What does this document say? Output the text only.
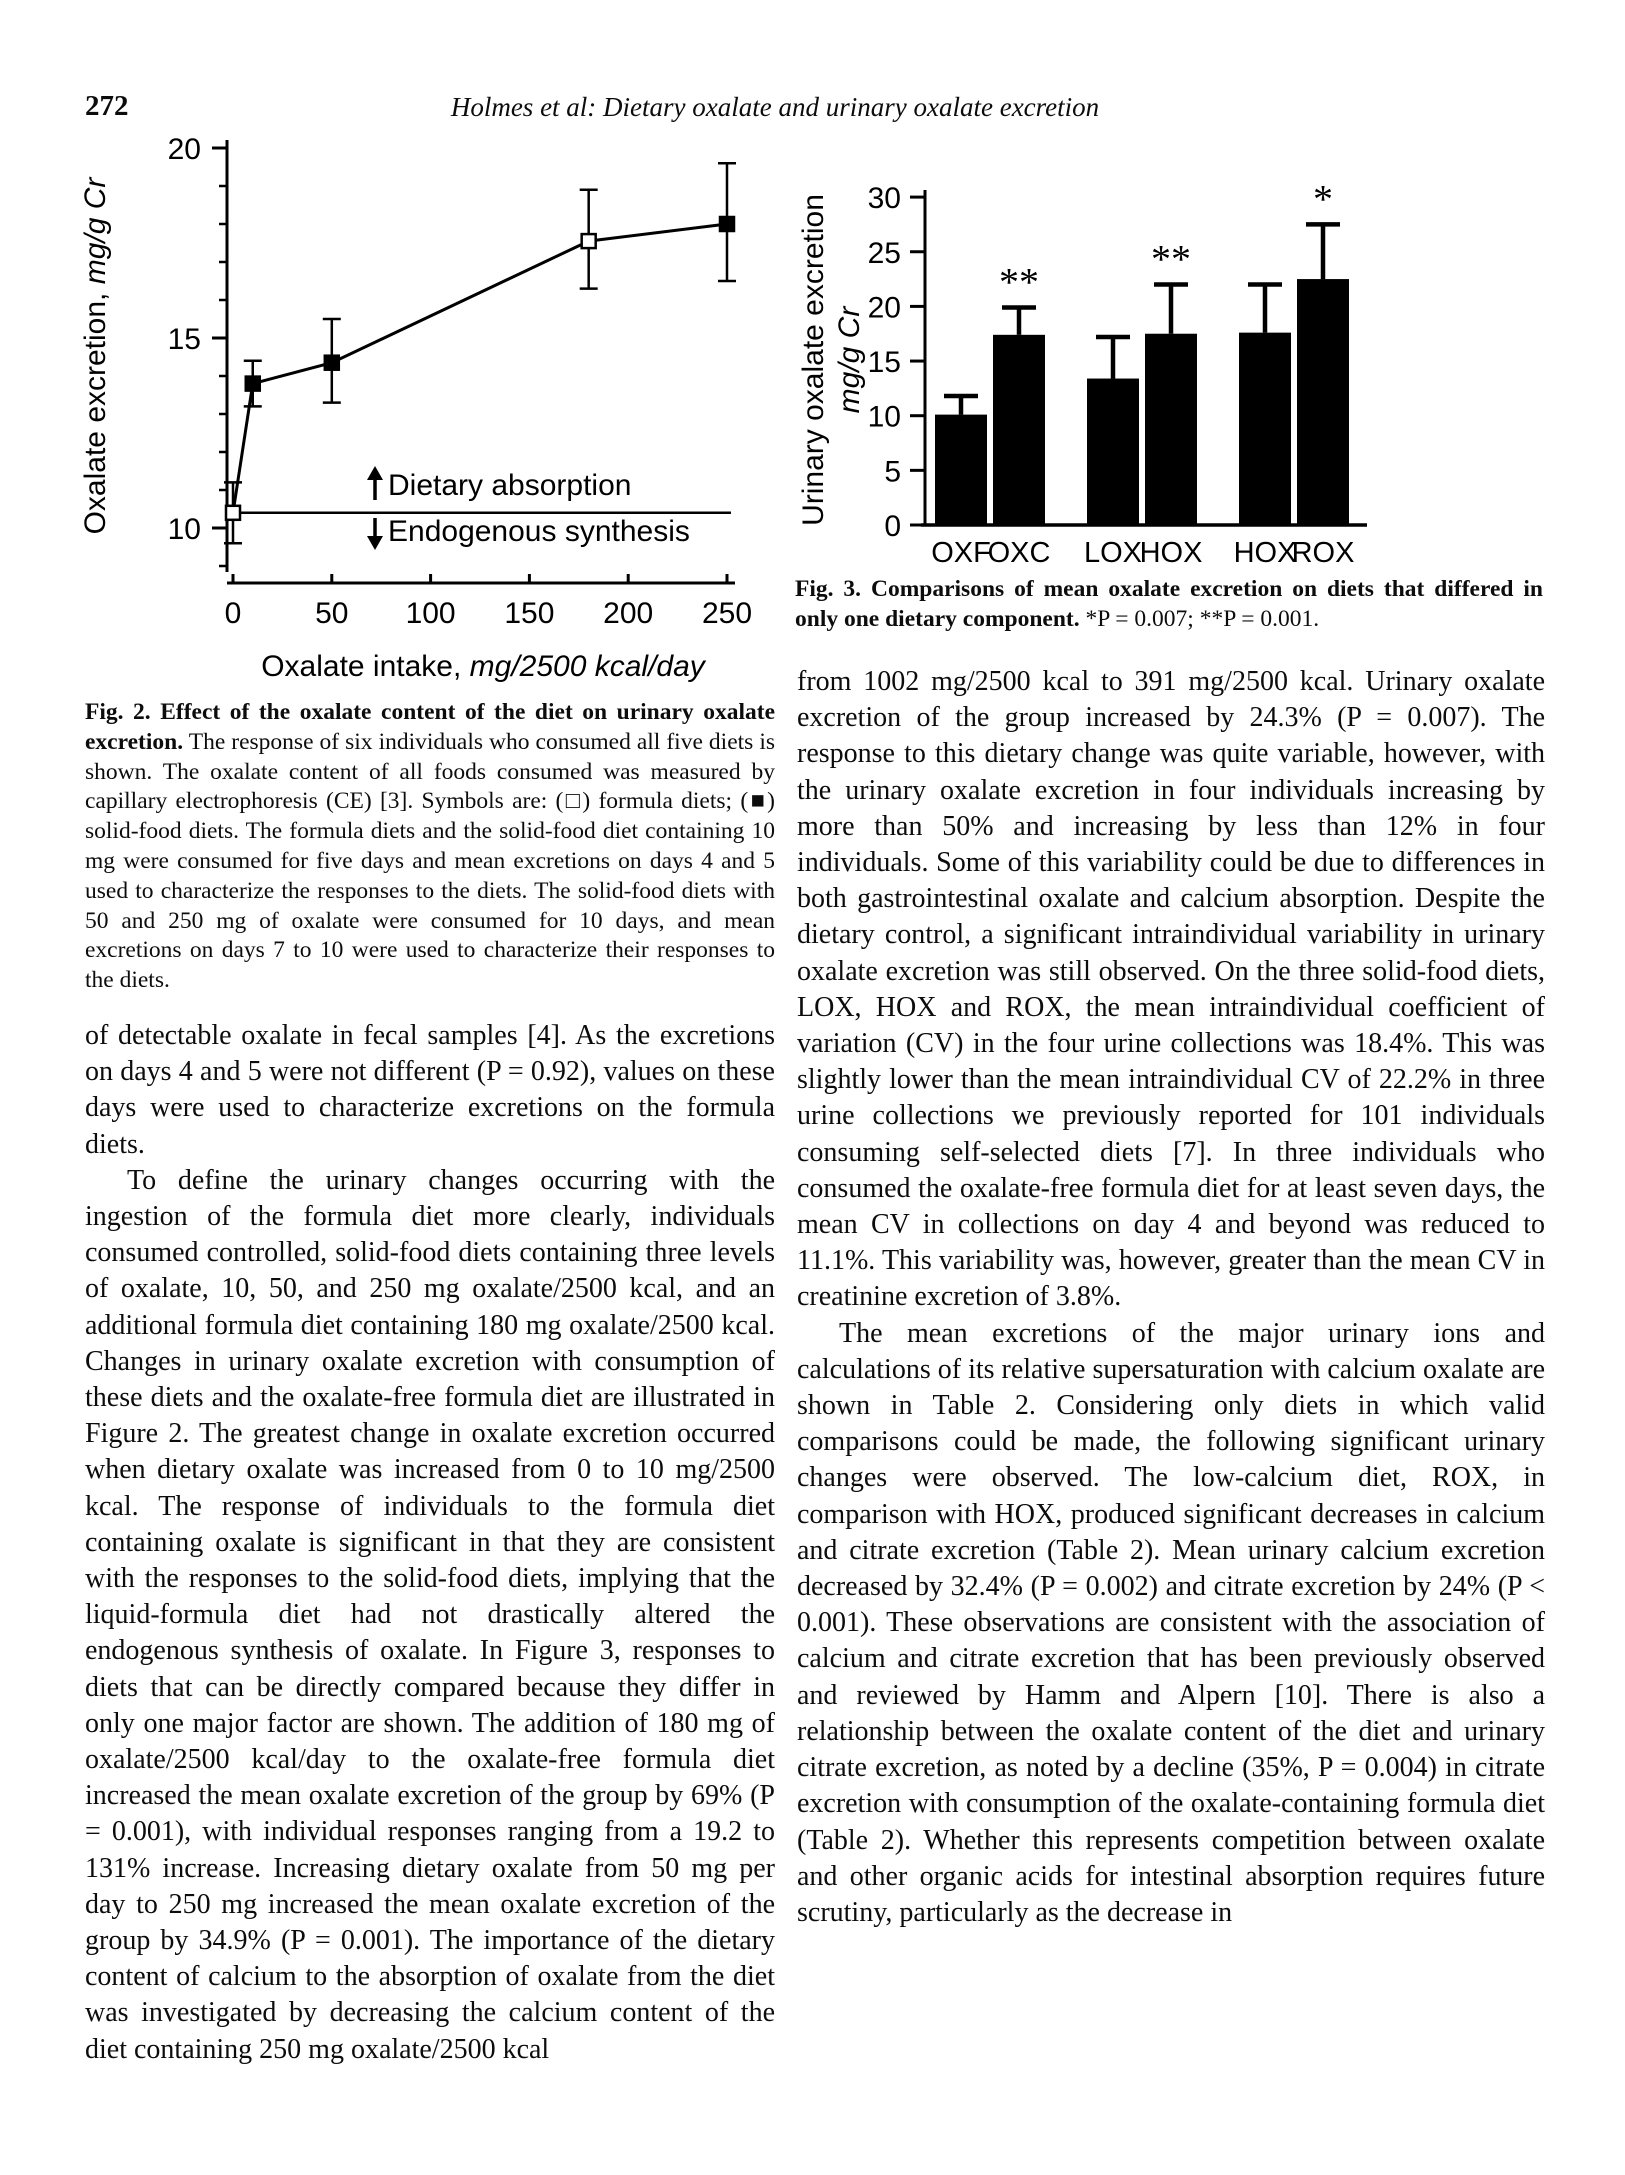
272	Holmes et al: Dietary oxalate and urinary oxalate excretion
10
15
20
0 50 100 150 200 250
Oxalate intake, mg/2500 kcal/day
Oxalate excretion, mg/g Cr
Dietary absorption
Endogenous synthesis	0
5
10
15
20
25
30
Urinary oxalate excretion mg/g Cr
OXF
**
OXC LOX
**
HOX HOX
*
ROX

Fig. 3. Comparisons of mean oxalate excretion on diets that differed in only one dietary component. *P = 0.007; **P = 0.001.

Fig. 2. Effect of the oxalate content of the diet on urinary oxalate excretion. The response of six individuals who consumed all five diets is shown. The oxalate content of all foods consumed was measured by capillary electrophoresis (CE) [3]. Symbols are: (□) formula diets; (■) solid-food diets. The formula diets and the solid-food diet containing 10 mg were consumed for five days and mean excretions on days 4 and 5 used to characterize the responses to the diets. The solid-food diets with 50 and 250 mg of oxalate were consumed for 10 days, and mean excretions on days 7 to 10 were used to characterize their responses to the diets.

of detectable oxalate in fecal samples [4]. As the excretions on days 4 and 5 were not different (P = 0.92), values on these days were used to characterize excretions on the formula diets.

To define the urinary changes occurring with the ingestion of the formula diet more clearly, individuals consumed controlled, solid-food diets containing three levels of oxalate, 10, 50, and 250 mg oxalate/2500 kcal, and an additional formula diet containing 180 mg oxalate/2500 kcal. Changes in urinary oxalate excretion with consumption of these diets and the oxalate-free formula diet are illustrated in Figure 2. The greatest change in oxalate excretion occurred when dietary oxalate was increased from 0 to 10 mg/2500 kcal. The response of individuals to the formula diet containing oxalate is significant in that they are consistent with the responses to the solid-food diets, implying that the liquid-formula diet had not drastically altered the endogenous synthesis of oxalate. In Figure 3, responses to diets that can be directly compared because they differ in only one major factor are shown. The addition of 180 mg of oxalate/2500 kcal/day to the oxalate-free formula diet increased the mean oxalate excretion of the group by 69% (P = 0.001), with individual responses ranging from a 19.2 to 131% increase. Increasing dietary oxalate from 50 mg per day to 250 mg increased the mean oxalate excretion of the group by 34.9% (P = 0.001). The importance of the dietary content of calcium to the absorption of oxalate from the diet was investigated by decreasing the calcium content of the diet containing 250 mg oxalate/2500 kcal

from 1002 mg/2500 kcal to 391 mg/2500 kcal. Urinary oxalate excretion of the group increased by 24.3% (P = 0.007). The response to this dietary change was quite variable, however, with the urinary oxalate excretion in four individuals increasing by more than 50% and increasing by less than 12% in four individuals. Some of this variability could be due to differences in both gastrointestinal oxalate and calcium absorption. Despite the dietary control, a significant intraindividual variability in urinary oxalate excretion was still observed. On the three solid-food diets, LOX, HOX and ROX, the mean intraindividual coefficient of variation (CV) in the four urine collections was 18.4%. This was slightly lower than the mean intraindividual CV of 22.2% in three urine collections we previously reported for 101 individuals consuming self-selected diets [7]. In three individuals who consumed the oxalate-free formula diet for at least seven days, the mean CV in collections on day 4 and beyond was reduced to 11.1%. This variability was, however, greater than the mean CV in creatinine excretion of 3.8%.

The mean excretions of the major urinary ions and calculations of its relative supersaturation with calcium oxalate are shown in Table 2. Considering only diets in which valid comparisons could be made, the following significant urinary changes were observed. The low-calcium diet, ROX, in comparison with HOX, produced significant decreases in calcium and citrate excretion (Table 2). Mean urinary calcium excretion decreased by 32.4% (P = 0.002) and citrate excretion by 24% (P < 0.001). These observations are consistent with the association of calcium and citrate excretion that has been previously observed and reviewed by Hamm and Alpern [10]. There is also a relationship between the oxalate content of the diet and urinary citrate excretion, as noted by a decline (35%, P = 0.004) in citrate excretion with consumption of the oxalate-containing formula diet (Table 2). Whether this represents competition between oxalate and other organic acids for intestinal absorption requires future scrutiny, particularly as the decrease in
